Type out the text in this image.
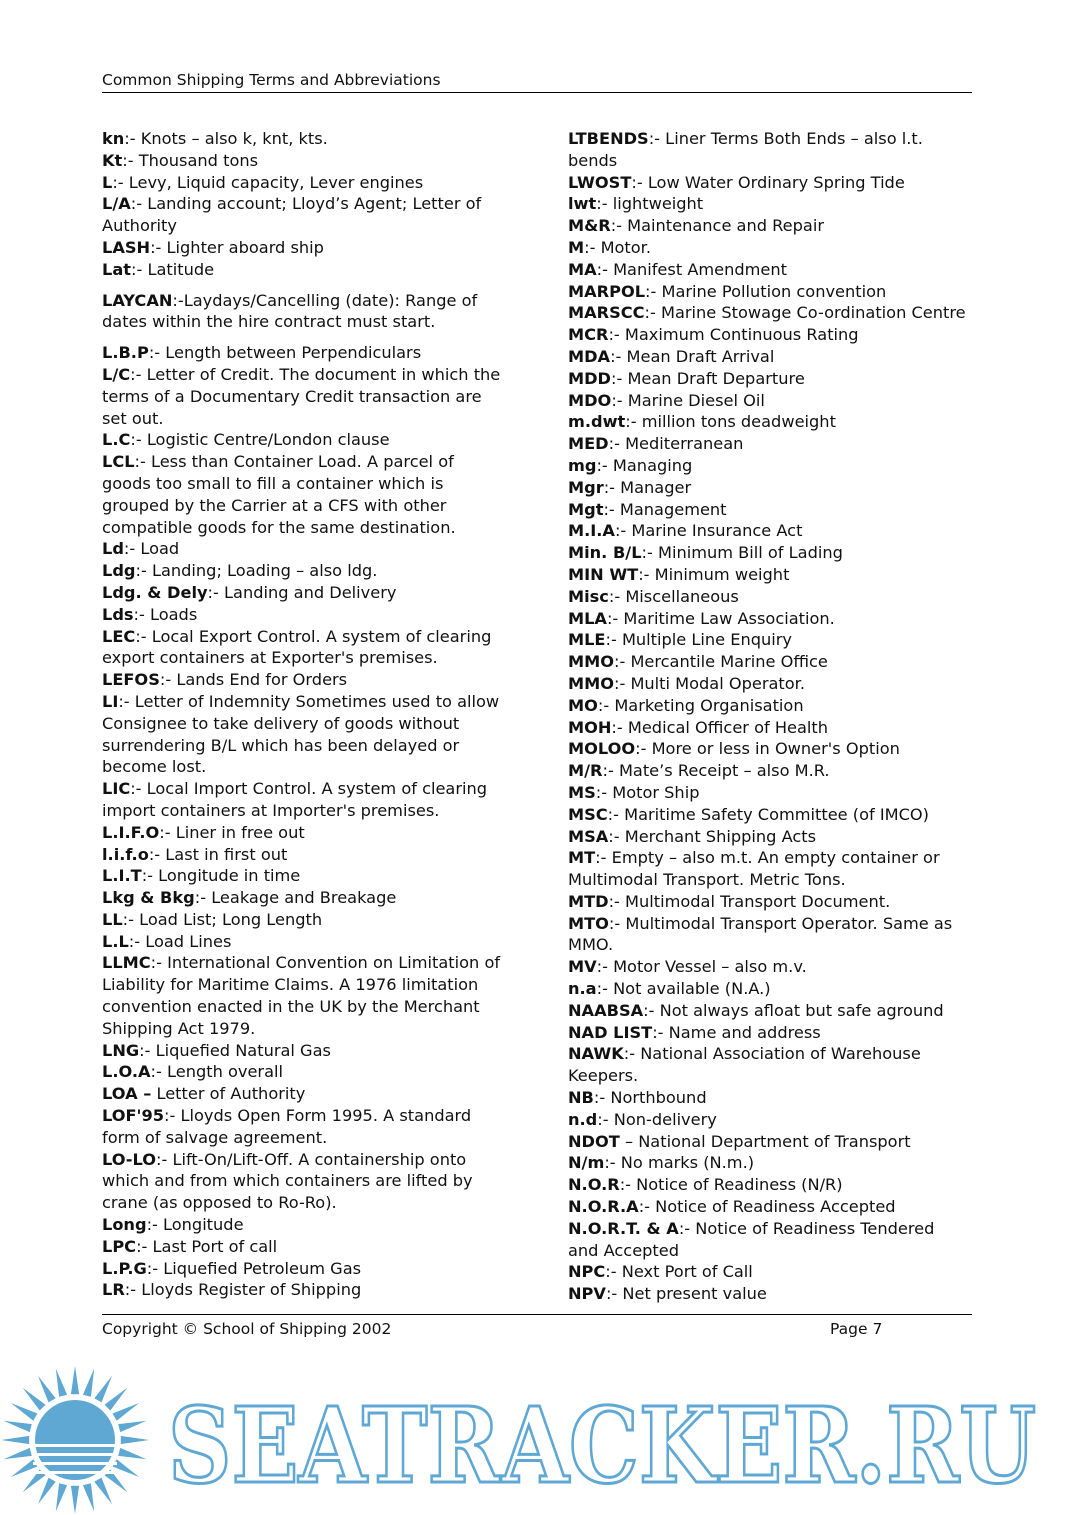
Common Shipping Terms and Abbreviations
kn:- Knots – also k, knt, kts.
Kt:- Thousand tons
L:- Levy, Liquid capacity, Lever engines
L/A:- Landing account; Lloyd’s Agent; Letter of Authority
LASH:- Lighter aboard ship
Lat:- Latitude
LAYCAN:-Laydays/Cancelling (date): Range of dates within the hire contract must start.
L.B.P:- Length between Perpendiculars
L/C:- Letter of Credit. The document in which the terms of a Documentary Credit transaction are set out.
L.C:- Logistic Centre/London clause
LCL:- Less than Container Load. A parcel of goods too small to fill a container which is grouped by the Carrier at a CFS with other compatible goods for the same destination.
Ld:- Load
Ldg:- Landing; Loading – also ldg.
Ldg. & Dely:- Landing and Delivery
Lds:- Loads
LEC:- Local Export Control. A system of clearing export containers at Exporter's premises.
LEFOS:- Lands End for Orders
LI:- Letter of Indemnity Sometimes used to allow Consignee to take delivery of goods without surrendering B/L which has been delayed or become lost.
LIC:- Local Import Control. A system of clearing import containers at Importer's premises.
L.I.F.O:- Liner in free out
l.i.f.o:- Last in first out
L.I.T:- Longitude in time
Lkg & Bkg:- Leakage and Breakage
LL:- Load List; Long Length
L.L:- Load Lines
LLMC:- International Convention on Limitation of Liability for Maritime Claims. A 1976 limitation convention enacted in the UK by the Merchant Shipping Act 1979.
LNG:- Liquefied Natural Gas
L.O.A:- Length overall
LOA – Letter of Authority
LOF'95:- Lloyds Open Form 1995. A standard form of salvage agreement.
LO-LO:- Lift-On/Lift-Off. A containership onto which and from which containers are lifted by crane (as opposed to Ro-Ro).
Long:- Longitude
LPC:- Last Port of call
L.P.G:- Liquefied Petroleum Gas
LR:- Lloyds Register of Shipping
LTBENDS:- Liner Terms Both Ends – also l.t. bends
LWOST:- Low Water Ordinary Spring Tide
lwt:- lightweight
M&R:- Maintenance and Repair
M:- Motor.
MA:- Manifest Amendment
MARPOL:- Marine Pollution convention
MARSCC:- Marine Stowage Co-ordination Centre
MCR:- Maximum Continuous Rating
MDA:- Mean Draft Arrival
MDD:- Mean Draft Departure
MDO:- Marine Diesel Oil
m.dwt:- million tons deadweight
MED:- Mediterranean
mg:- Managing
Mgr:- Manager
Mgt:- Management
M.I.A:- Marine Insurance Act
Min. B/L:- Minimum Bill of Lading
MIN WT:- Minimum weight
Misc:- Miscellaneous
MLA:- Maritime Law Association.
MLE:- Multiple Line Enquiry
MMO:- Mercantile Marine Office
MMO:- Multi Modal Operator.
MO:- Marketing Organisation
MOH:- Medical Officer of Health
MOLOO:- More or less in Owner's Option
M/R:- Mate’s Receipt – also M.R.
MS:- Motor Ship
MSC:- Maritime Safety Committee (of IMCO)
MSA:- Merchant Shipping Acts
MT:- Empty – also m.t. An empty container or Multimodal Transport. Metric Tons.
MTD:- Multimodal Transport Document.
MTO:- Multimodal Transport Operator. Same as MMO.
MV:- Motor Vessel – also m.v.
n.a:- Not available (N.A.)
NAABSA:- Not always afloat but safe aground
NAD LIST:- Name and address
NAWK:- National Association of Warehouse Keepers.
NB:- Northbound
n.d:- Non-delivery
NDOT – National Department of Transport
N/m:- No marks (N.m.)
N.O.R:- Notice of Readiness (N/R)
N.O.R.A:- Notice of Readiness Accepted
N.O.R.T. & A:- Notice of Readiness Tendered and Accepted
NPC:- Next Port of Call
NPV:- Net present value
Copyright © School of Shipping 2002	Page 7
SEATRACKER.RU
